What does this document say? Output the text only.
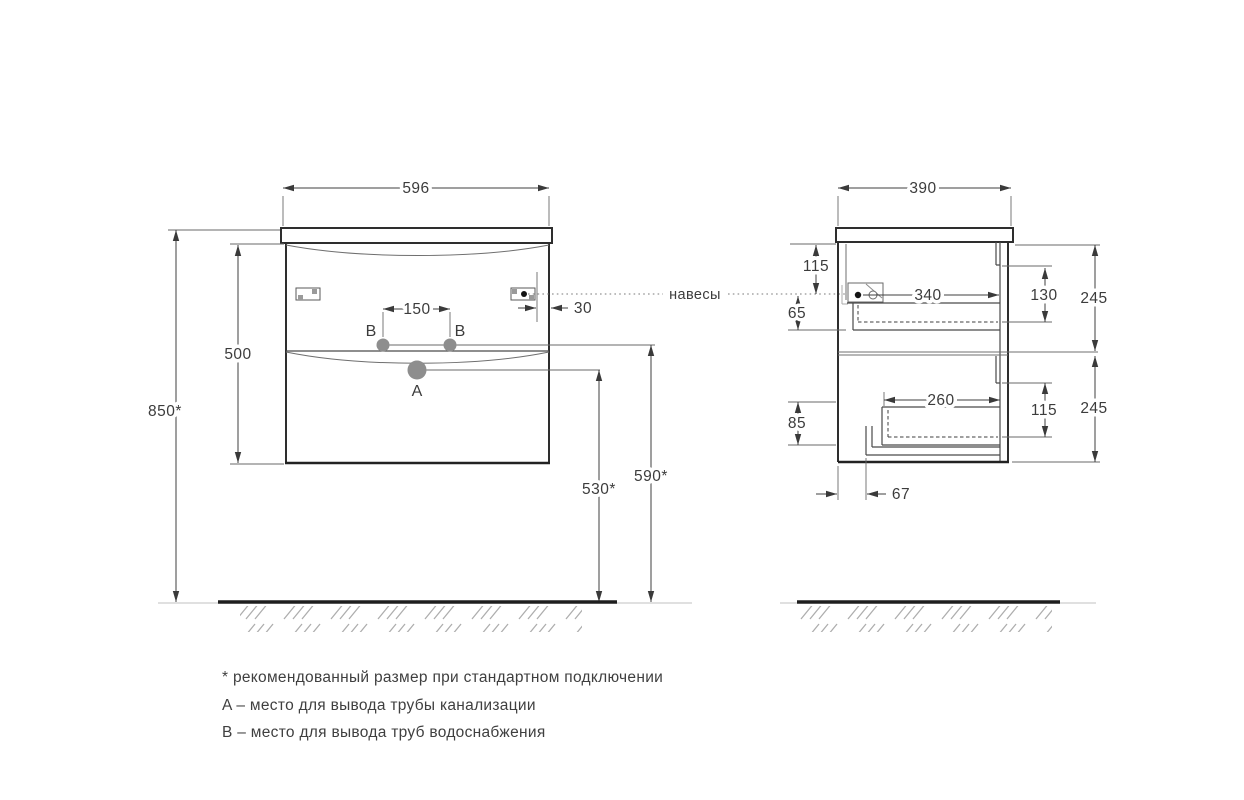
B	B
A
596
500
850*
150	30
590*
530*
навесы
390
115
340
65
85
130 245
260
115 245
67
* рекомендованный размер при стандартном подключении
A – место для вывода трубы канализации
B – место для вывода труб водоснабжения
